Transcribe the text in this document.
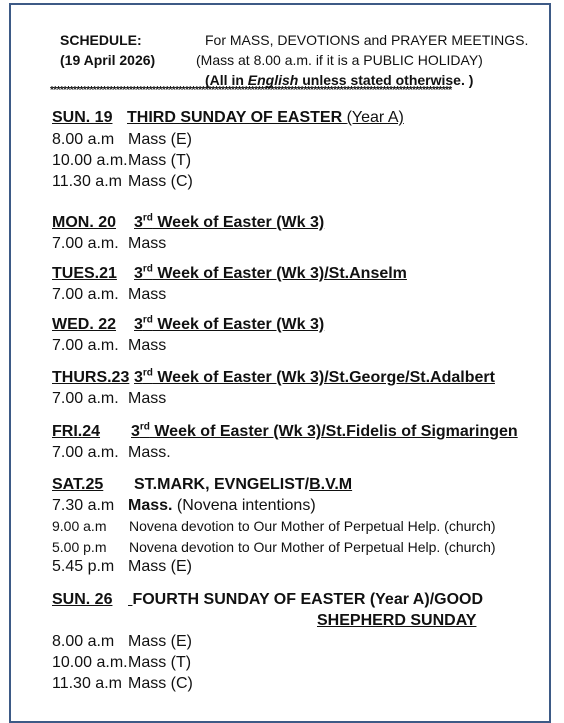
SCHEDULE:
(19 April 2026)
For MASS, DEVOTIONS and PRAYER MEETINGS.
(Mass at 8.00 a.m. if it is a PUBLIC HOLIDAY)
(All in English unless stated otherwise. )
**************************************************************************************************************************
SUN. 19 THIRD SUNDAY OF EASTER (Year A)
8.00 a.m Mass (E)
10.00 a.m. Mass (T)
11.30 a.m Mass (C)
MON. 20 3rd Week of Easter (Wk 3)
7.00 a.m. Mass
TUES.21 3rd Week of Easter (Wk 3)/St.Anselm
7.00 a.m. Mass
WED. 22 3rd Week of Easter (Wk 3)
7.00 a.m. Mass
THURS.23 3rd Week of Easter (Wk 3)/St.George/St.Adalbert
7.00 a.m. Mass
FRI.24 3rd Week of Easter (Wk 3)/St.Fidelis of Sigmaringen
7.00 a.m. Mass.
SAT.25 ST.MARK, EVNGELIST/B.V.M
7.30 a.m Mass. (Novena intentions)
9.00 a.m Novena devotion to Our Mother of Perpetual Help. (church)
5.00 p.m Novena devotion to Our Mother of Perpetual Help. (church)
5.45 p.m Mass (E)
SUN. 26 FOURTH SUNDAY OF EASTER (Year A)/GOOD
SHEPHERD SUNDAY
8.00 a.m Mass (E)
10.00 a.m. Mass (T)
11.30 a.m Mass (C)
